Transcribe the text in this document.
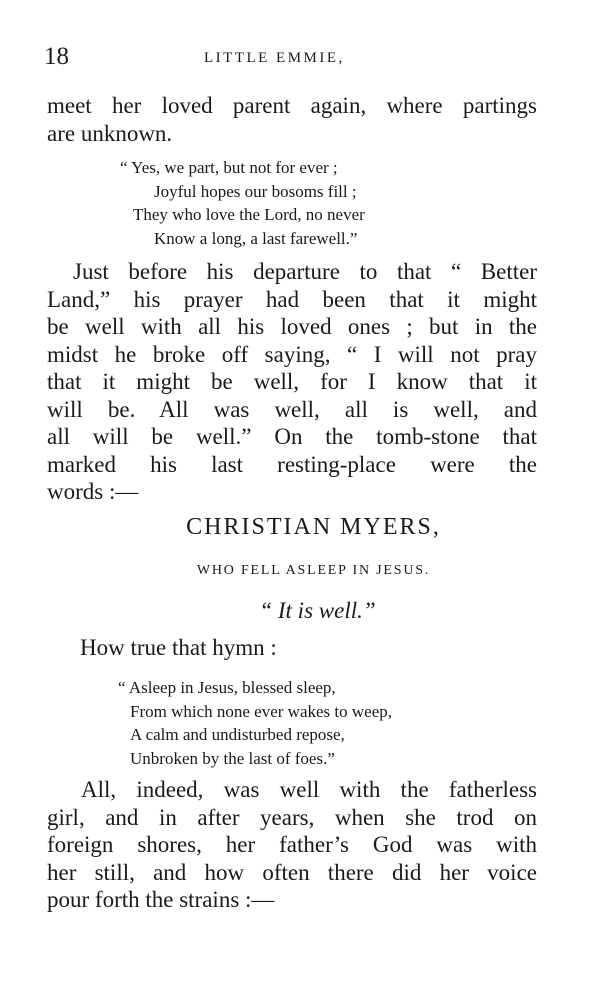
18	LITTLE EMMIE,
meet her loved parent again, where partings
are unknown.
“ Yes, we part, but not for ever ;
Joyful hopes our bosoms fill ;
They who love the Lord, no never
Know a long, a last farewell.”
Just before his departure to that “ Better
Land,” his prayer had been that it might
be well with all his loved ones ; but in the
midst he broke off saying, “ I will not pray
that it might be well, for I know that it
will be. All was well, all is well, and
all will be well.” On the tomb-stone that
marked his last resting-place were the
words :—
CHRISTIAN MYERS,
WHO FELL ASLEEP IN JESUS.
“ It is well.”
How true that hymn :
“ Asleep in Jesus, blessed sleep,
From which none ever wakes to weep,
A calm and undisturbed repose,
Unbroken by the last of foes.”
All, indeed, was well with the fatherless
girl, and in after years, when she trod on
foreign shores, her father’s God was with
her still, and how often there did her voice
pour forth the strains :—
